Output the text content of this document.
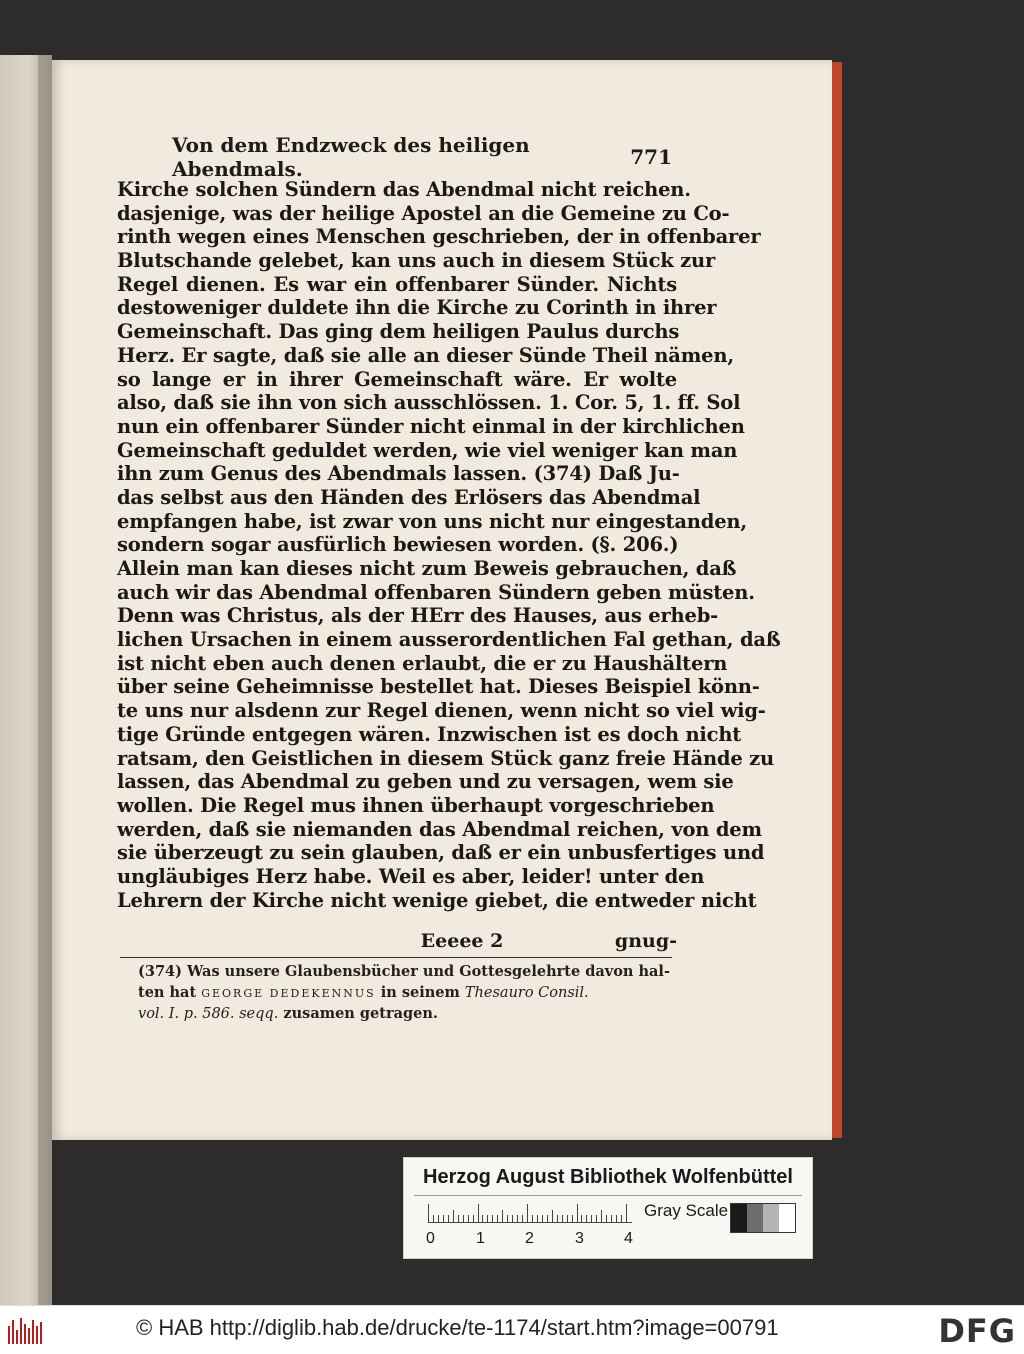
Von dem Endzweck des heiligen Abendmals.	771
Kirche solchen Sündern das Abendmal nicht reichen.
dasjenige, was der heilige Apostel an die Gemeine zu Co-
rinth wegen eines Menschen geschrieben, der in offenbarer
Blutschande gelebet, kan uns auch in diesem Stück zur
Regel dienen. Es war ein offenbarer Sünder. Nichts
destoweniger duldete ihn die Kirche zu Corinth in ihrer
Gemeinschaft. Das ging dem heiligen Paulus durchs
Herz. Er sagte, daß sie alle an dieser Sünde Theil nämen,
so lange er in ihrer Gemeinschaft wäre. Er wolte
also, daß sie ihn von sich ausschlössen. 1. Cor. 5, 1. ff. Sol
nun ein offenbarer Sünder nicht einmal in der kirchlichen
Gemeinschaft geduldet werden, wie viel weniger kan man
ihn zum Genus des Abendmals lassen. (374) Daß Ju-
das selbst aus den Händen des Erlösers das Abendmal
empfangen habe, ist zwar von uns nicht nur eingestanden,
sondern sogar ausfürlich bewiesen worden. (§. 206.)
Allein man kan dieses nicht zum Beweis gebrauchen, daß
auch wir das Abendmal offenbaren Sündern geben müsten.
Denn was Christus, als der HErr des Hauses, aus erheb-
lichen Ursachen in einem ausserordentlichen Fal gethan, daß
ist nicht eben auch denen erlaubt, die er zu Haushältern
über seine Geheimnisse bestellet hat. Dieses Beispiel könn-
te uns nur alsdenn zur Regel dienen, wenn nicht so viel wig-
tige Gründe entgegen wären. Inzwischen ist es doch nicht
ratsam, den Geistlichen in diesem Stück ganz freie Hände zu
lassen, das Abendmal zu geben und zu versagen, wem sie
wollen. Die Regel mus ihnen überhaupt vorgeschrieben
werden, daß sie niemanden das Abendmal reichen, von dem
sie überzeugt zu sein glauben, daß er ein unbusfertiges und
ungläubiges Herz habe. Weil es aber, leider! unter den
Lehrern der Kirche nicht wenige giebet, die entweder nicht
Eeeee 2	gnug-
(374) Was unsere Glaubensbücher und Gottesgelehrte davon hal-
ten hat GEORGE DEDEKENNUS in seinem Thesauro Consil.
vol. I. p. 586. seqq. zusamen getragen.
Herzog August Bibliothek Wolfenbüttel
0	1	2	3	4
Gray Scale
© HAB http://diglib.hab.de/drucke/te-1174/start.htm?image=00791	DFG
